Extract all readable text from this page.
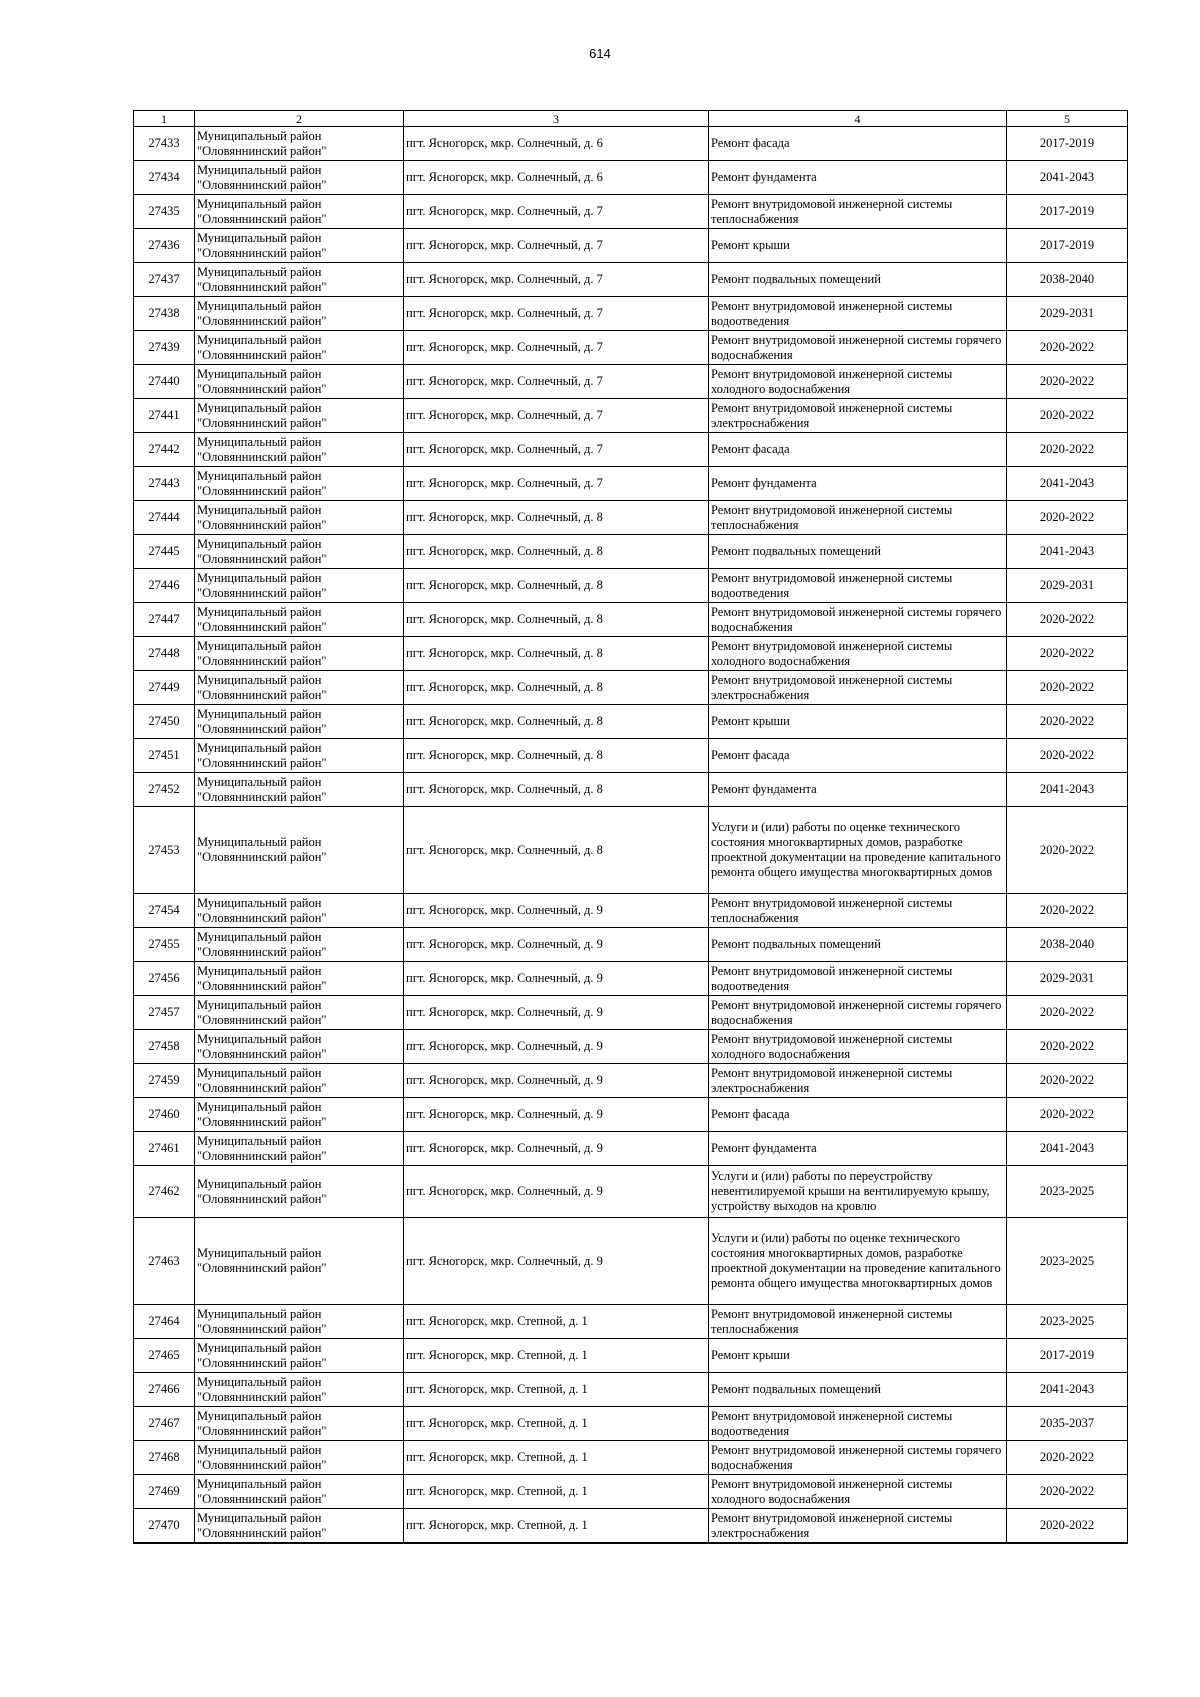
614
1	2	3	4	5
27433	Муниципальный район "Оловяннинский район"	пгт. Ясногорск, мкр. Солнечный, д. 6	Ремонт фасада	2017-2019
27434	Муниципальный район "Оловяннинский район"	пгт. Ясногорск, мкр. Солнечный, д. 6	Ремонт фундамента	2041-2043
27435	Муниципальный район "Оловяннинский район"	пгт. Ясногорск, мкр. Солнечный, д. 7	Ремонт внутридомовой инженерной системы теплоснабжения	2017-2019
27436	Муниципальный район "Оловяннинский район"	пгт. Ясногорск, мкр. Солнечный, д. 7	Ремонт крыши	2017-2019
27437	Муниципальный район "Оловяннинский район"	пгт. Ясногорск, мкр. Солнечный, д. 7	Ремонт подвальных помещений	2038-2040
27438	Муниципальный район "Оловяннинский район"	пгт. Ясногорск, мкр. Солнечный, д. 7	Ремонт внутридомовой инженерной системы водоотведения	2029-2031
27439	Муниципальный район "Оловяннинский район"	пгт. Ясногорск, мкр. Солнечный, д. 7	Ремонт внутридомовой инженерной системы горячего водоснабжения	2020-2022
27440	Муниципальный район "Оловяннинский район"	пгт. Ясногорск, мкр. Солнечный, д. 7	Ремонт внутридомовой инженерной системы холодного водоснабжения	2020-2022
27441	Муниципальный район "Оловяннинский район"	пгт. Ясногорск, мкр. Солнечный, д. 7	Ремонт внутридомовой инженерной системы электроснабжения	2020-2022
27442	Муниципальный район "Оловяннинский район"	пгт. Ясногорск, мкр. Солнечный, д. 7	Ремонт фасада	2020-2022
27443	Муниципальный район "Оловяннинский район"	пгт. Ясногорск, мкр. Солнечный, д. 7	Ремонт фундамента	2041-2043
27444	Муниципальный район "Оловяннинский район"	пгт. Ясногорск, мкр. Солнечный, д. 8	Ремонт внутридомовой инженерной системы теплоснабжения	2020-2022
27445	Муниципальный район "Оловяннинский район"	пгт. Ясногорск, мкр. Солнечный, д. 8	Ремонт подвальных помещений	2041-2043
27446	Муниципальный район "Оловяннинский район"	пгт. Ясногорск, мкр. Солнечный, д. 8	Ремонт внутридомовой инженерной системы водоотведения	2029-2031
27447	Муниципальный район "Оловяннинский район"	пгт. Ясногорск, мкр. Солнечный, д. 8	Ремонт внутридомовой инженерной системы горячего водоснабжения	2020-2022
27448	Муниципальный район "Оловяннинский район"	пгт. Ясногорск, мкр. Солнечный, д. 8	Ремонт внутридомовой инженерной системы холодного водоснабжения	2020-2022
27449	Муниципальный район "Оловяннинский район"	пгт. Ясногорск, мкр. Солнечный, д. 8	Ремонт внутридомовой инженерной системы электроснабжения	2020-2022
27450	Муниципальный район "Оловяннинский район"	пгт. Ясногорск, мкр. Солнечный, д. 8	Ремонт крыши	2020-2022
27451	Муниципальный район "Оловяннинский район"	пгт. Ясногорск, мкр. Солнечный, д. 8	Ремонт фасада	2020-2022
27452	Муниципальный район "Оловяннинский район"	пгт. Ясногорск, мкр. Солнечный, д. 8	Ремонт фундамента	2041-2043
27453	Муниципальный район "Оловяннинский район"	пгт. Ясногорск, мкр. Солнечный, д. 8	Услуги и (или) работы по оценке технического состояния многоквартирных домов, разработке проектной документации на проведение капитального ремонта общего имущества многоквартирных домов	2020-2022
27454	Муниципальный район "Оловяннинский район"	пгт. Ясногорск, мкр. Солнечный, д. 9	Ремонт внутридомовой инженерной системы теплоснабжения	2020-2022
27455	Муниципальный район "Оловяннинский район"	пгт. Ясногорск, мкр. Солнечный, д. 9	Ремонт подвальных помещений	2038-2040
27456	Муниципальный район "Оловяннинский район"	пгт. Ясногорск, мкр. Солнечный, д. 9	Ремонт внутридомовой инженерной системы водоотведения	2029-2031
27457	Муниципальный район "Оловяннинский район"	пгт. Ясногорск, мкр. Солнечный, д. 9	Ремонт внутридомовой инженерной системы горячего водоснабжения	2020-2022
27458	Муниципальный район "Оловяннинский район"	пгт. Ясногорск, мкр. Солнечный, д. 9	Ремонт внутридомовой инженерной системы холодного водоснабжения	2020-2022
27459	Муниципальный район "Оловяннинский район"	пгт. Ясногорск, мкр. Солнечный, д. 9	Ремонт внутридомовой инженерной системы электроснабжения	2020-2022
27460	Муниципальный район "Оловяннинский район"	пгт. Ясногорск, мкр. Солнечный, д. 9	Ремонт фасада	2020-2022
27461	Муниципальный район "Оловяннинский район"	пгт. Ясногорск, мкр. Солнечный, д. 9	Ремонт фундамента	2041-2043
27462	Муниципальный район "Оловяннинский район"	пгт. Ясногорск, мкр. Солнечный, д. 9	Услуги и (или) работы по переустройству невентилируемой крыши на вентилируемую крышу, устройству выходов на кровлю	2023-2025
27463	Муниципальный район "Оловяннинский район"	пгт. Ясногорск, мкр. Солнечный, д. 9	Услуги и (или) работы по оценке технического состояния многоквартирных домов, разработке проектной документации на проведение капитального ремонта общего имущества многоквартирных домов	2023-2025
27464	Муниципальный район "Оловяннинский район"	пгт. Ясногорск, мкр. Степной, д. 1	Ремонт внутридомовой инженерной системы теплоснабжения	2023-2025
27465	Муниципальный район "Оловяннинский район"	пгт. Ясногорск, мкр. Степной, д. 1	Ремонт крыши	2017-2019
27466	Муниципальный район "Оловяннинский район"	пгт. Ясногорск, мкр. Степной, д. 1	Ремонт подвальных помещений	2041-2043
27467	Муниципальный район "Оловяннинский район"	пгт. Ясногорск, мкр. Степной, д. 1	Ремонт внутридомовой инженерной системы водоотведения	2035-2037
27468	Муниципальный район "Оловяннинский район"	пгт. Ясногорск, мкр. Степной, д. 1	Ремонт внутридомовой инженерной системы горячего водоснабжения	2020-2022
27469	Муниципальный район "Оловяннинский район"	пгт. Ясногорск, мкр. Степной, д. 1	Ремонт внутридомовой инженерной системы холодного водоснабжения	2020-2022
27470	Муниципальный район "Оловяннинский район"	пгт. Ясногорск, мкр. Степной, д. 1	Ремонт внутридомовой инженерной системы электроснабжения	2020-2022
